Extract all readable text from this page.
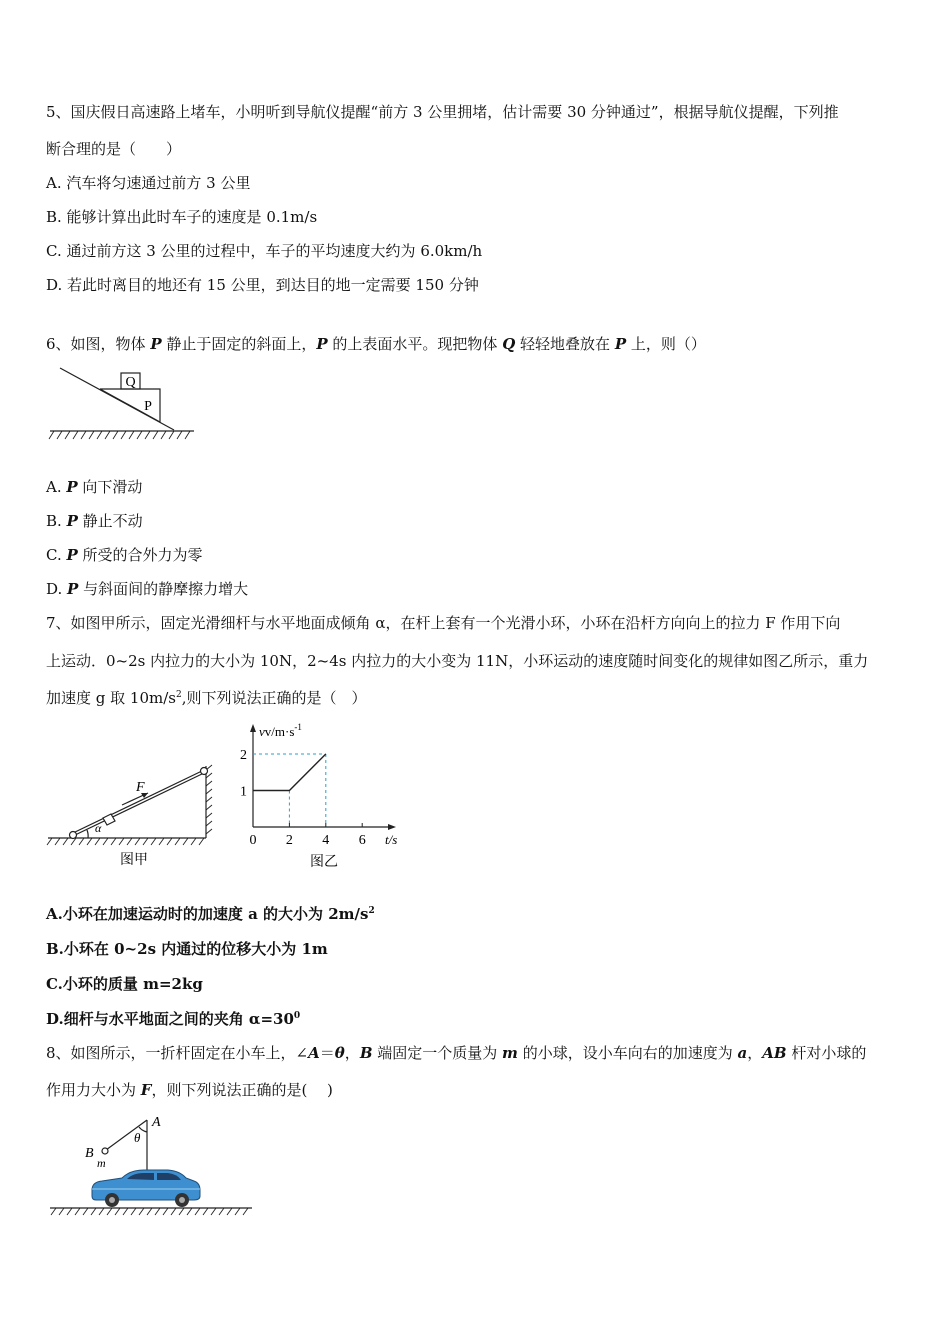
5、国庆假日高速路上堵车，小明听到导航仪提醒“前方 3 公里拥堵，估计需要 30 分钟通过”，根据导航仪提醒，下列推
断合理的是（　　）
A. 汽车将匀速通过前方 3 公里
B. 能够计算出此时车子的速度是 0.1m/s
C. 通过前方这 3 公里的过程中，车子的平均速度大约为 6.0km/h
D. 若此时离目的地还有 15 公里，到达目的地一定需要 150 分钟
6、如图，物体 P 静止于固定的斜面上，P 的上表面水平。现把物体 Q 轻轻地叠放在 P 上，则（）
Q
P
A. P 向下滑动
B. P 静止不动
C. P 所受的合外力为零
D. P 与斜面间的静摩擦力增大
7、如图甲所示，固定光滑细杆与水平地面成倾角 α，在杆上套有一个光滑小环，小环在沿杆方向向上的拉力 F 作用下向
上运动．0~2s 内拉力的大小为 10N，2~4s 内拉力的大小变为 11N，小环运动的速度随时间变化的规律如图乙所示，重力
加速度 g 取 $10m/s^2$,则下列说法正确的是（　）
F
α
图甲
0 2 4 6
1
2
$vv/m\cdot s^{-1}$
t/s
图乙
A.小环在加速运动时的加速度 a 的大小为 $2m/s^2$
B.小环在 0~2s 内通过的位移大小为 1m
C.小环的质量 m=2kg
D.细杆与水平地面之间的夹角 $\alpha=30^0$
8、如图所示，一折杆固定在小车上，∠A＝θ，B 端固定一个质量为 m 的小球，设小车向右的加速度为 a，AB 杆对小球的
作用力大小为 F，则下列说法正确的是(　 )
A
θ
B
m
